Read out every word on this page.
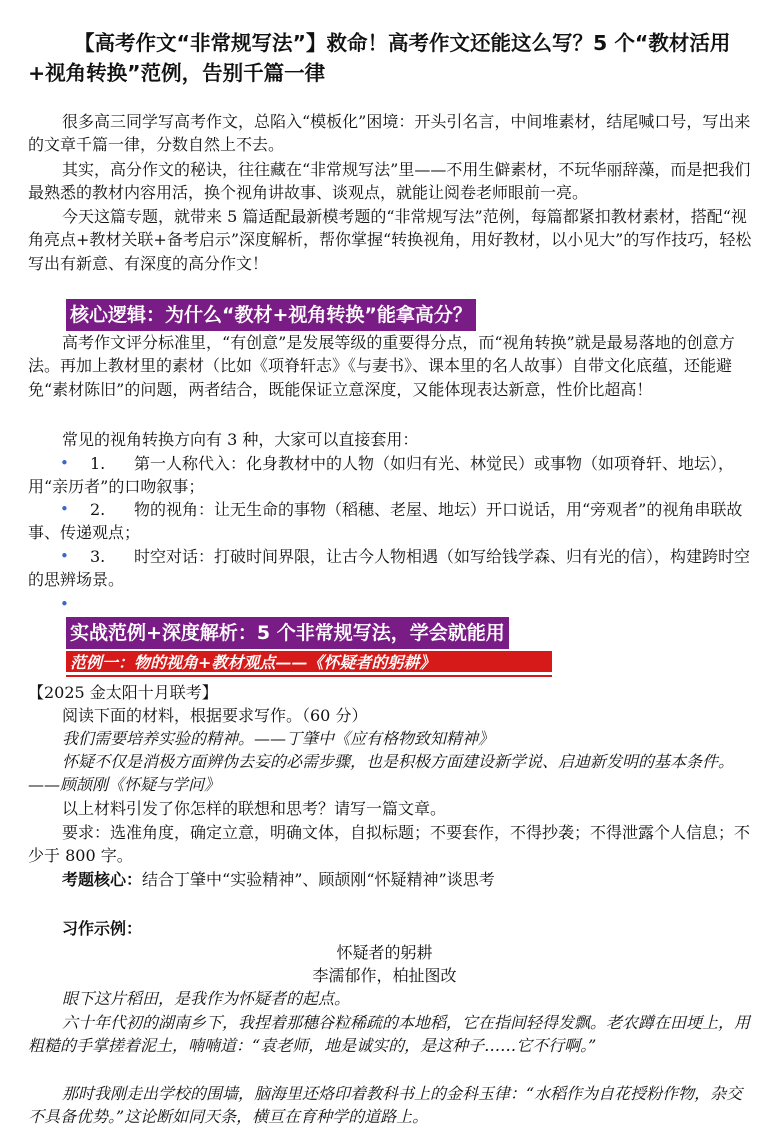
【高考作文“非常规写法”】救命！高考作文还能这么写？5 个“教材活用+视角转换”范例，告别千篇一律

很多高三同学写高考作文，总陷入“模板化”困境：开头引名言，中间堆素材，结尾喊口号，写出来的文章千篇一律，分数自然上不去。

其实，高分作文的秘诀，往往藏在“非常规写法”里——不用生僻素材，不玩华丽辞藻，而是把我们最熟悉的教材内容用活，换个视角讲故事、谈观点，就能让阅卷老师眼前一亮。

今天这篇专题，就带来 5 篇适配最新模考题的“非常规写法”范例，每篇都紧扣教材素材，搭配“视角亮点+教材关联+备考启示”深度解析，帮你掌握“转换视角，用好教材，以小见大”的写作技巧，轻松写出有新意、有深度的高分作文！

核心逻辑：为什么“教材+视角转换”能拿高分？

高考作文评分标准里，“有创意”是发展等级的重要得分点，而“视角转换”就是最易落地的创意方法。再加上教材里的素材（比如《项脊轩志》《与妻书》、课本里的名人故事）自带文化底蕴，还能避免“素材陈旧”的问题，两者结合，既能保证立意深度，又能体现表达新意，性价比超高！

常见的视角转换方向有 3 种，大家可以直接套用：

•	1. 第一人称代入：化身教材中的人物（如归有光、林觉民）或事物（如项脊轩、地坛），用“亲历者”的口吻叙事；
•	2. 物的视角：让无生命的事物（稻穗、老屋、地坛）开口说话，用“旁观者”的视角串联故事、传递观点；
•	3. 时空对话：打破时间界限，让古今人物相遇（如写给钱学森、归有光的信），构建跨时空的思辨场景。
•
实战范例+深度解析：5 个非常规写法，学会就能用
范例一：物的视角+教材观点——《怀疑者的躬耕》

【2025 金太阳十月联考】

阅读下面的材料，根据要求写作。（60 分）

我们需要培养实验的精神。——丁肇中《应有格物致知精神》

怀疑不仅是消极方面辨伪去妄的必需步骤，也是积极方面建设新学说、启迪新发明的基本条件。——顾颉刚《怀疑与学问》

以上材料引发了你怎样的联想和思考？请写一篇文章。

要求：选准角度，确定立意，明确文体，自拟标题；不要套作，不得抄袭；不得泄露个人信息；不少于 800 字。

考题核心：结合丁肇中“实验精神”、顾颉刚“怀疑精神”谈思考

习作示例：

怀疑者的躬耕

李濡郁作，柏扯图改

眼下这片稻田，是我作为怀疑者的起点。

六十年代初的湖南乡下，我捏着那穗谷粒稀疏的本地稻，它在指间轻得发飘。老农蹲在田埂上，用粗糙的手掌搓着泥土，喃喃道：“袁老师，地是诚实的，是这种子……它不行啊。”

那时我刚走出学校的围墙，脑海里还烙印着教科书上的金科玉律：“水稻作为自花授粉作物，杂交不具备优势。”这论断如同天条，横亘在育种学的道路上。
